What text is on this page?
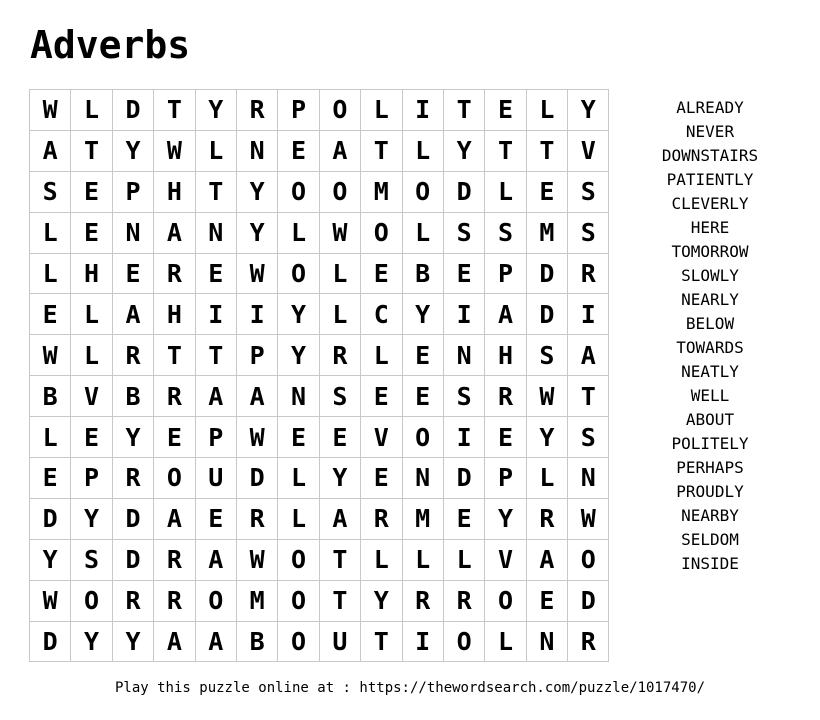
Adverbs
W	L	D	T	Y	R	P	O	L	I	T	E	L	Y
A	T	Y	W	L	N	E	A	T	L	Y	T	T	V
S	E	P	H	T	Y	O	O	M	O	D	L	E	S
L	E	N	A	N	Y	L	W	O	L	S	S	M	S
L	H	E	R	E	W	O	L	E	B	E	P	D	R
E	L	A	H	I	I	Y	L	C	Y	I	A	D	I
W	L	R	T	T	P	Y	R	L	E	N	H	S	A
B	V	B	R	A	A	N	S	E	E	S	R	W	T
L	E	Y	E	P	W	E	E	V	O	I	E	Y	S
E	P	R	O	U	D	L	Y	E	N	D	P	L	N
D	Y	D	A	E	R	L	A	R	M	E	Y	R	W
Y	S	D	R	A	W	O	T	L	L	L	V	A	O
W	O	R	R	O	M	O	T	Y	R	R	O	E	D
D	Y	Y	A	A	B	O	U	T	I	O	L	N	R
ALREADY
NEVER
DOWNSTAIRS
PATIENTLY
CLEVERLY
HERE
TOMORROW
SLOWLY
NEARLY
BELOW
TOWARDS
NEATLY
WELL
ABOUT
POLITELY
PERHAPS
PROUDLY
NEARBY
SELDOM
INSIDE
Play this puzzle online at : https://thewordsearch.com/puzzle/1017470/
